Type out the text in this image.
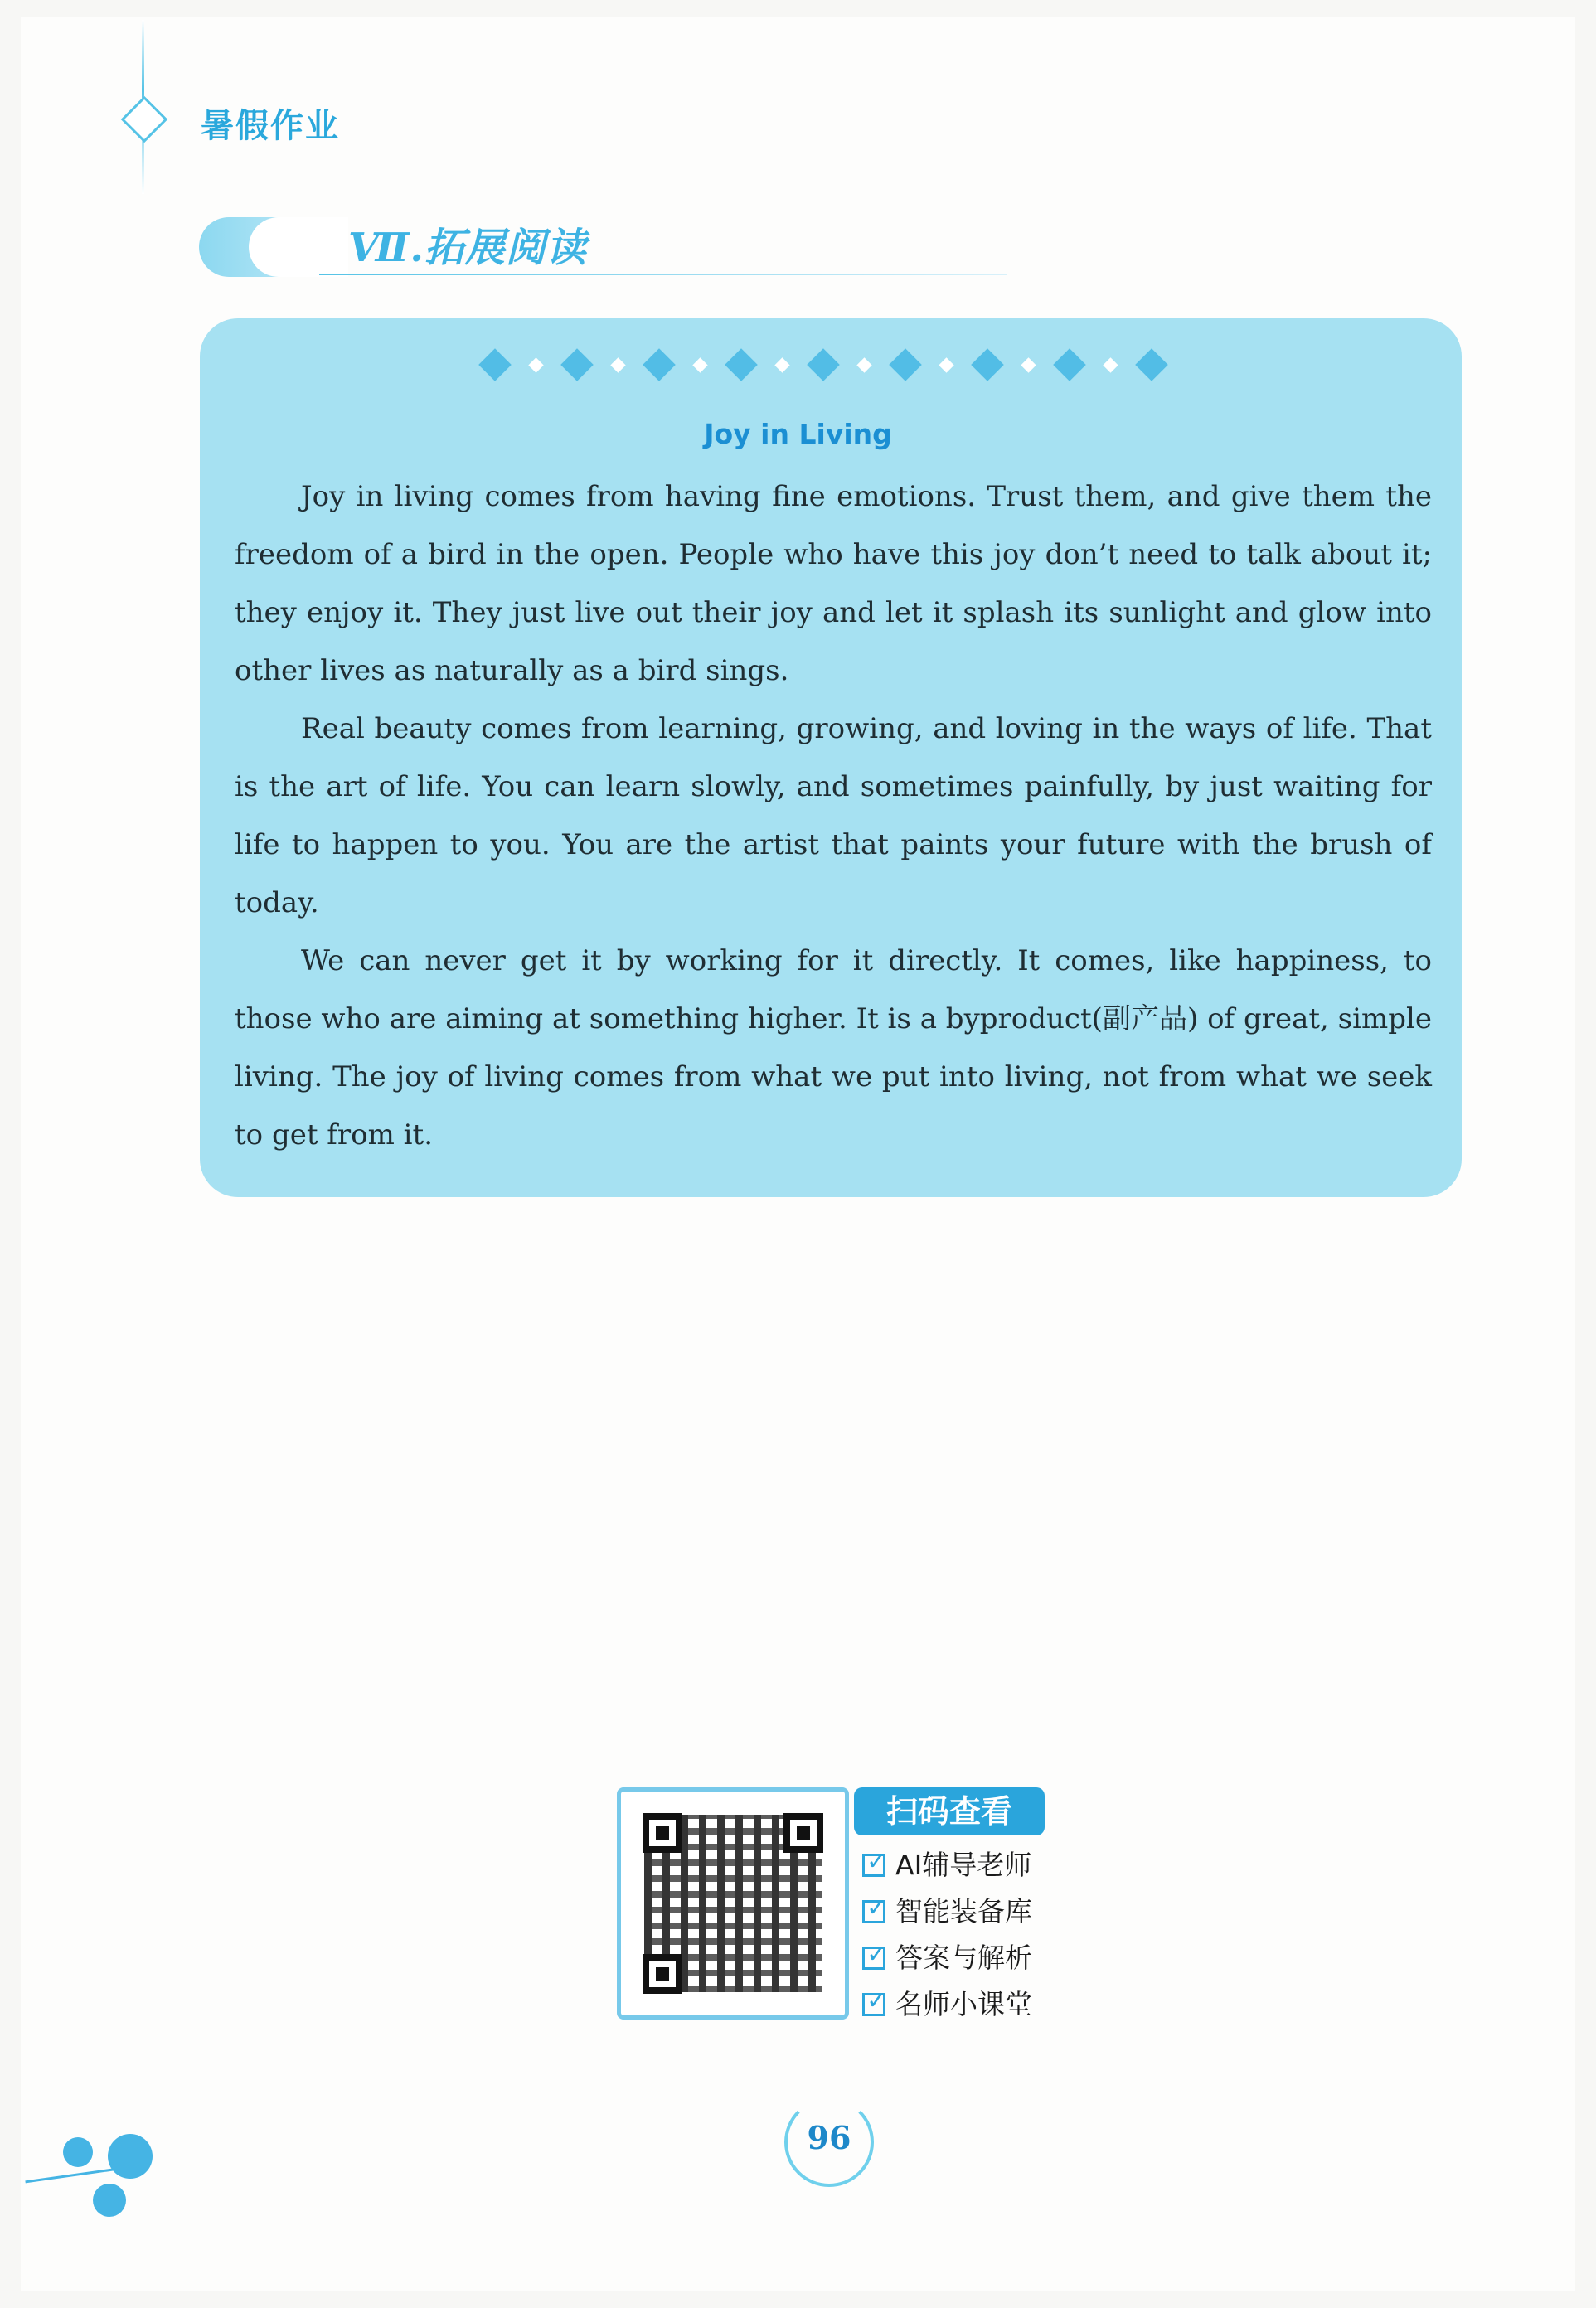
暑假作业
Ⅶ.拓展阅读
Joy in Living

Joy in living comes from having fine emotions. Trust them, and give them the freedom of a bird in the open. People who have this joy don’t need to talk about it; they enjoy it. They just live out their joy and let it splash its sunlight and glow into other lives as naturally as a bird sings.

Real beauty comes from learning, growing, and loving in the ways of life. That is the art of life. You can learn slowly, and sometimes painfully, by just waiting for life to happen to you. You are the artist that paints your future with the brush of today.

We can never get it by working for it directly. It comes, like happiness, to those who are aiming at something higher. It is a byproduct(副产品) of great, simple living. The joy of living comes from what we put into living, not from what we seek to get from it.

扫码查看
✓ AI辅导老师
✓ 智能装备库
✓ 答案与解析
✓ 名师小课堂
96
